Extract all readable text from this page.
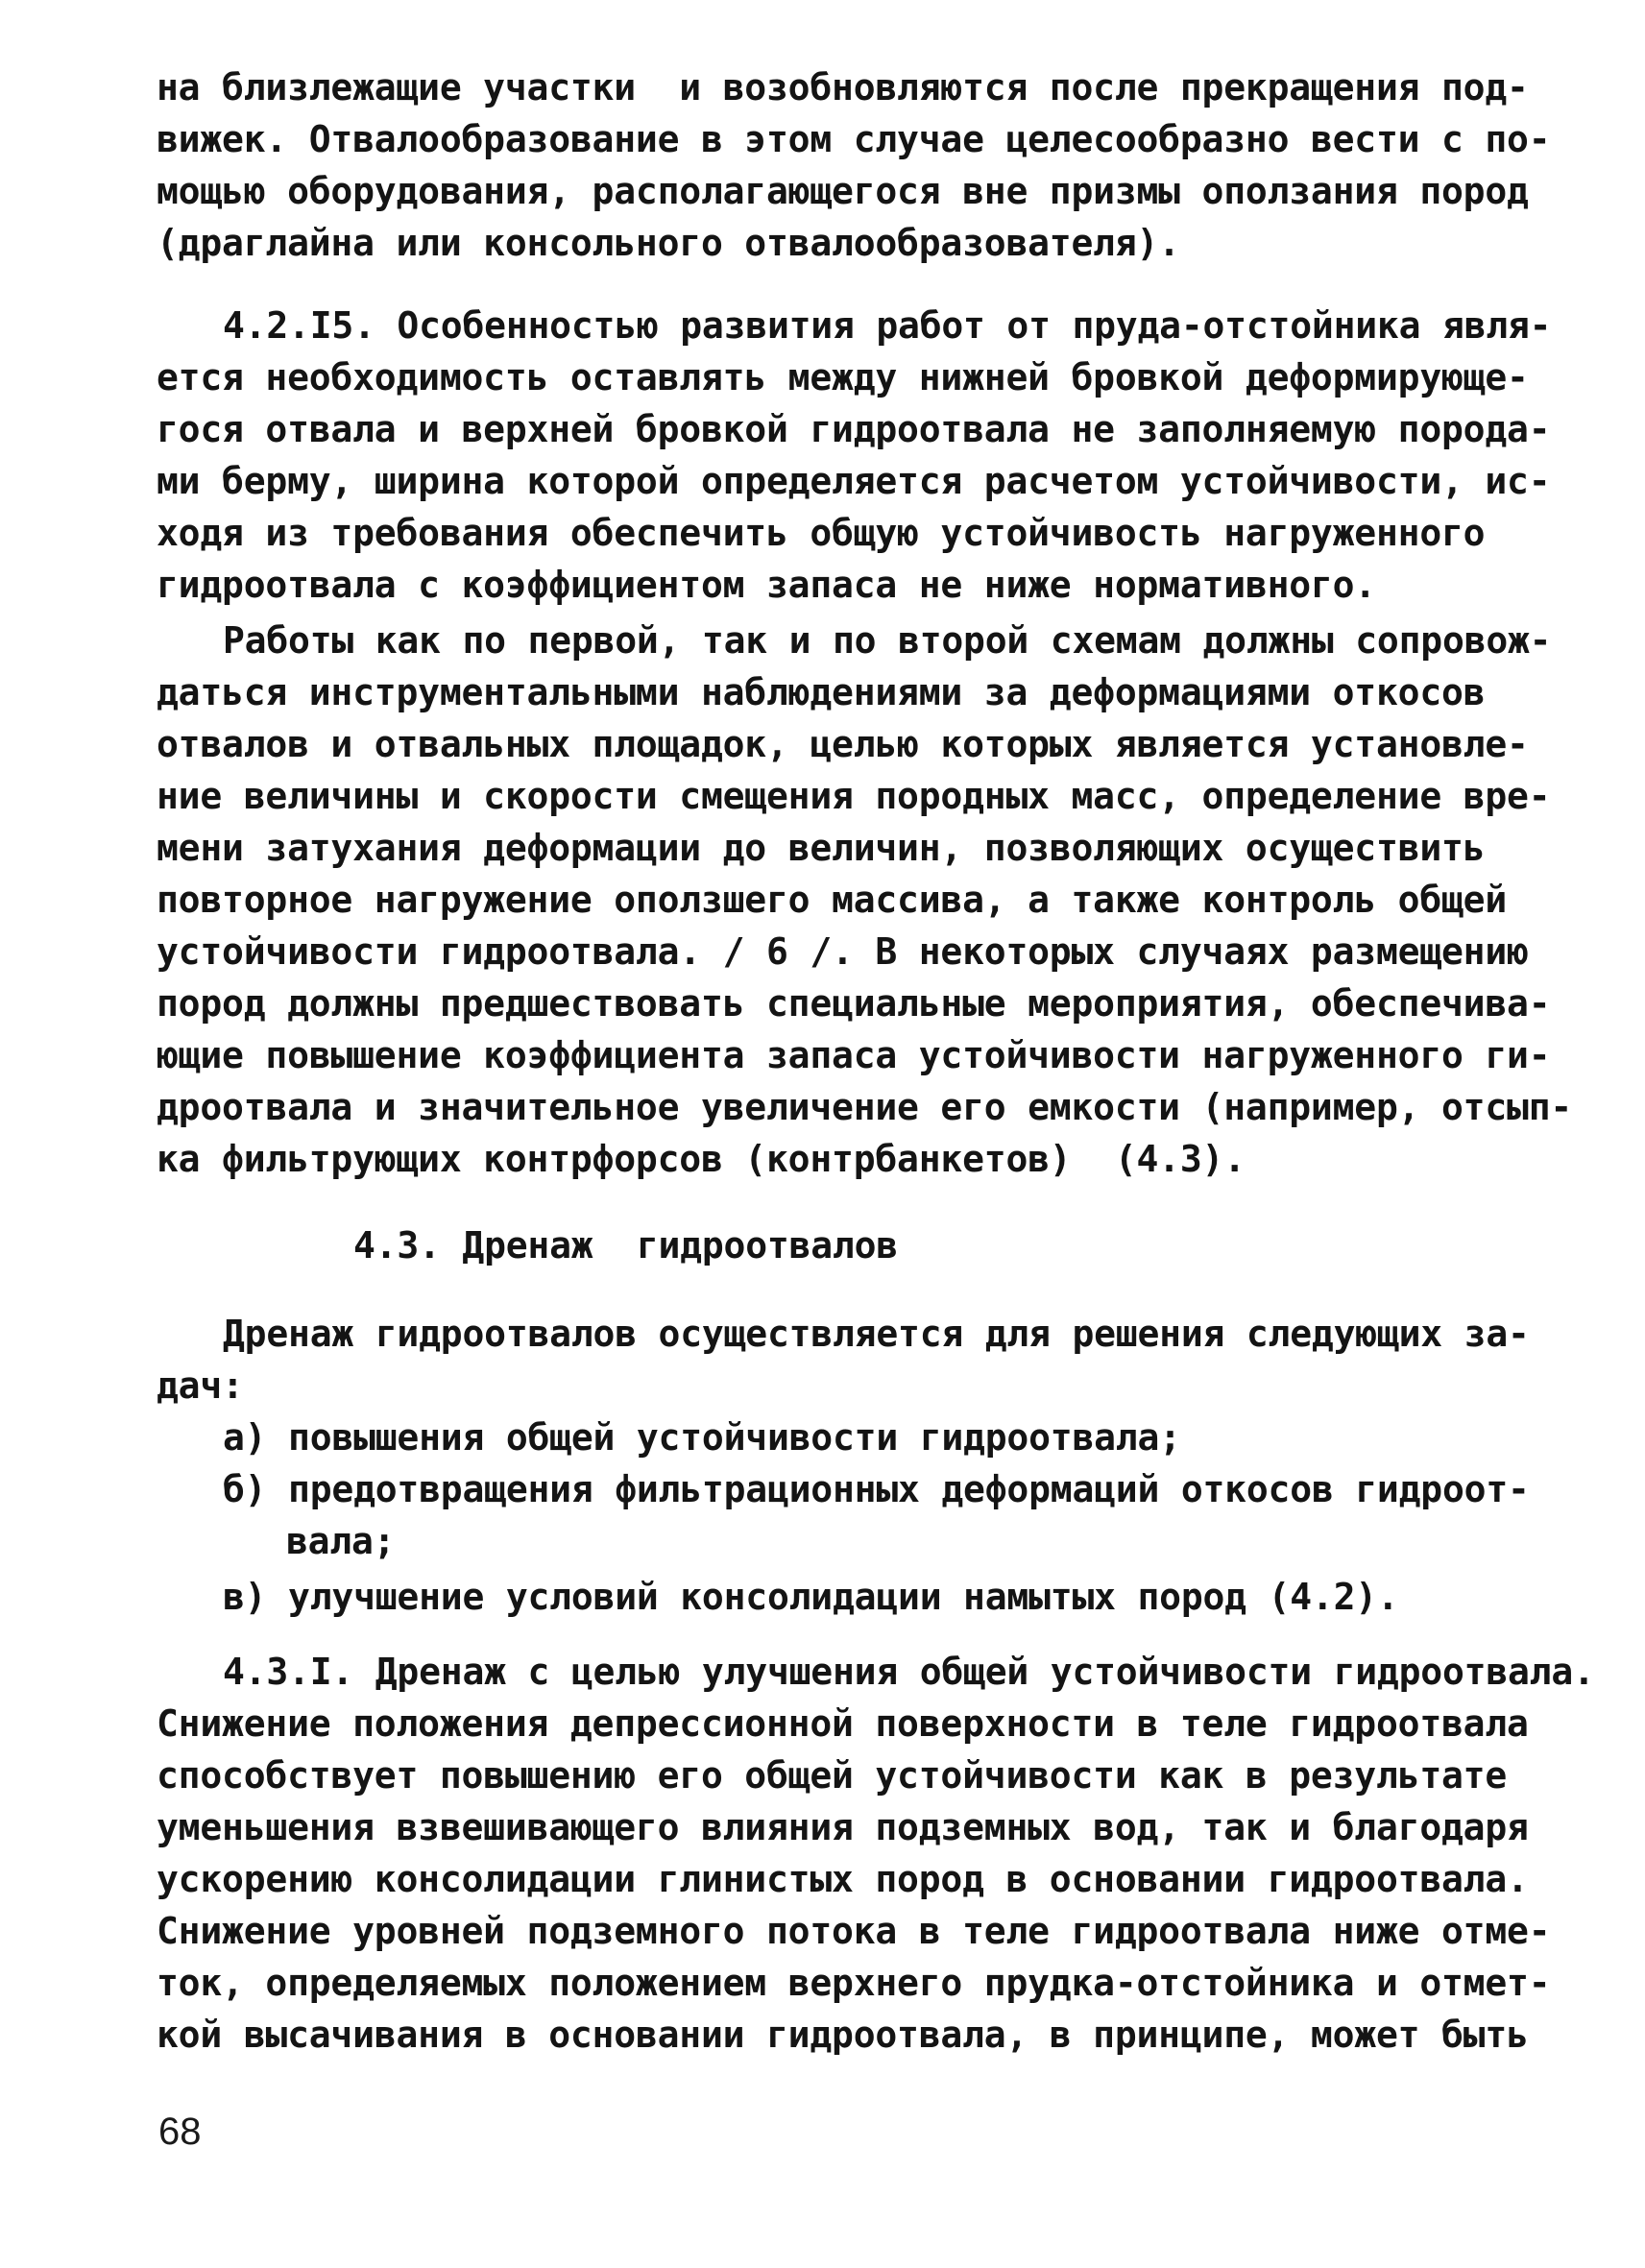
на близлежащие участки  и возобновляются после прекращения под-
вижек. Отвалообразование в этом случае целесообразно вести с по-
мощью оборудования, располагающегося вне призмы оползания пород
(драглайна или консольного отвалообразователя).
4.2.I5. Особенностью развития работ от пруда-отстойника явля-
ется необходимость оставлять между нижней бровкой деформирующе-
гося отвала и верхней бровкой гидроотвала не заполняемую порода-
ми берму, ширина которой определяется расчетом устойчивости, ис-
ходя из требования обеспечить общую устойчивость нагруженного
гидроотвала с коэффициентом запаса не ниже нормативного.
Работы как по первой, так и по второй схемам должны сопровож-
даться инструментальными наблюдениями за деформациями откосов
отвалов и отвальных площадок, целью которых является установле-
ние величины и скорости смещения породных масс, определение вре-
мени затухания деформации до величин, позволяющих осуществить
повторное нагружение оползшего массива, а также контроль общей
устойчивости гидроотвала. / 6 /. В некоторых случаях размещению
пород должны предшествовать специальные мероприятия, обеспечива-
ющие повышение коэффициента запаса устойчивости нагруженного ги-
дроотвала и значительное увеличение его емкости (например, отсып-
ка фильтрующих контрфорсов (контрбанкетов)  (4.3).
4.3. Дренаж  гидроотвалов
Дренаж гидроотвалов осуществляется для решения следующих за-
дач:
а) повышения общей устойчивости гидроотвала;
б) предотвращения фильтрационных деформаций откосов гидроот-
вала;
в) улучшение условий консолидации намытых пород (4.2).
4.3.I. Дренаж с целью улучшения общей устойчивости гидроотвала.
Снижение положения депрессионной поверхности в теле гидроотвала
способствует повышению его общей устойчивости как в результате
уменьшения взвешивающего влияния подземных вод, так и благодаря
ускорению консолидации глинистых пород в основании гидроотвала.
Снижение уровней подземного потока в теле гидроотвала ниже отме-
ток, определяемых положением верхнего прудка-отстойника и отмет-
кой высачивания в основании гидроотвала, в принципе, может быть
68
